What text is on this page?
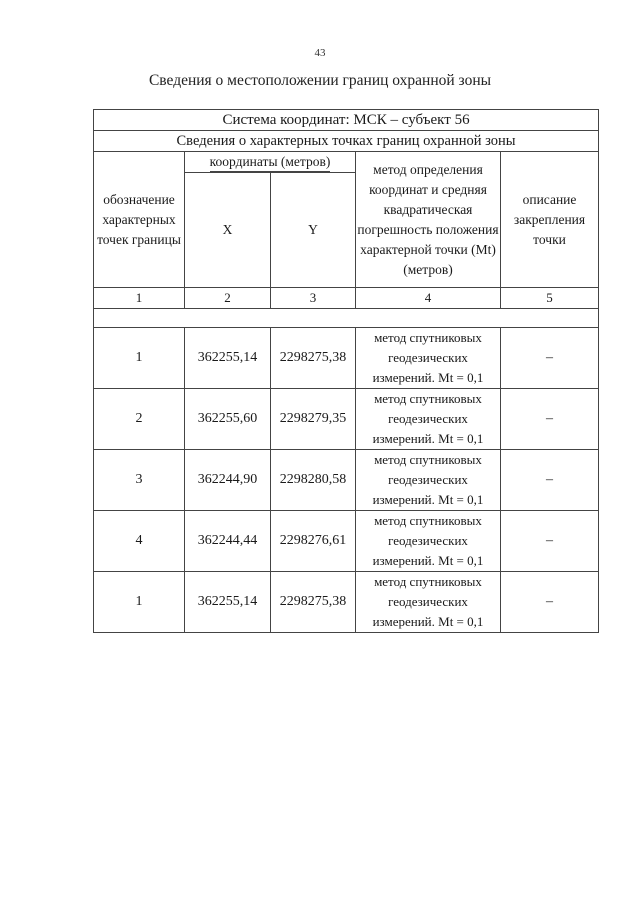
43
Сведения о местоположении границ охранной зоны
Система координат: МСК – субъект 56				
Сведения о характерных точках границ охранной зоны				
обозначение характерных точек границы	координаты (метров)		метод определения координат и средняя квадратическая погрешность положения характерной точки (Mt) (метров)	описание закрепления точки
	X	Y		
1	2	3	4	5

1	362255,14	2298275,38	метод спутниковых геодезических измерений. Mt = 0,1	–
2	362255,60	2298279,35	метод спутниковых геодезических измерений. Mt = 0,1	–
3	362244,90	2298280,58	метод спутниковых геодезических измерений. Mt = 0,1	–
4	362244,44	2298276,61	метод спутниковых геодезических измерений. Mt = 0,1	–
1	362255,14	2298275,38	метод спутниковых геодезических измерений. Mt = 0,1	–
